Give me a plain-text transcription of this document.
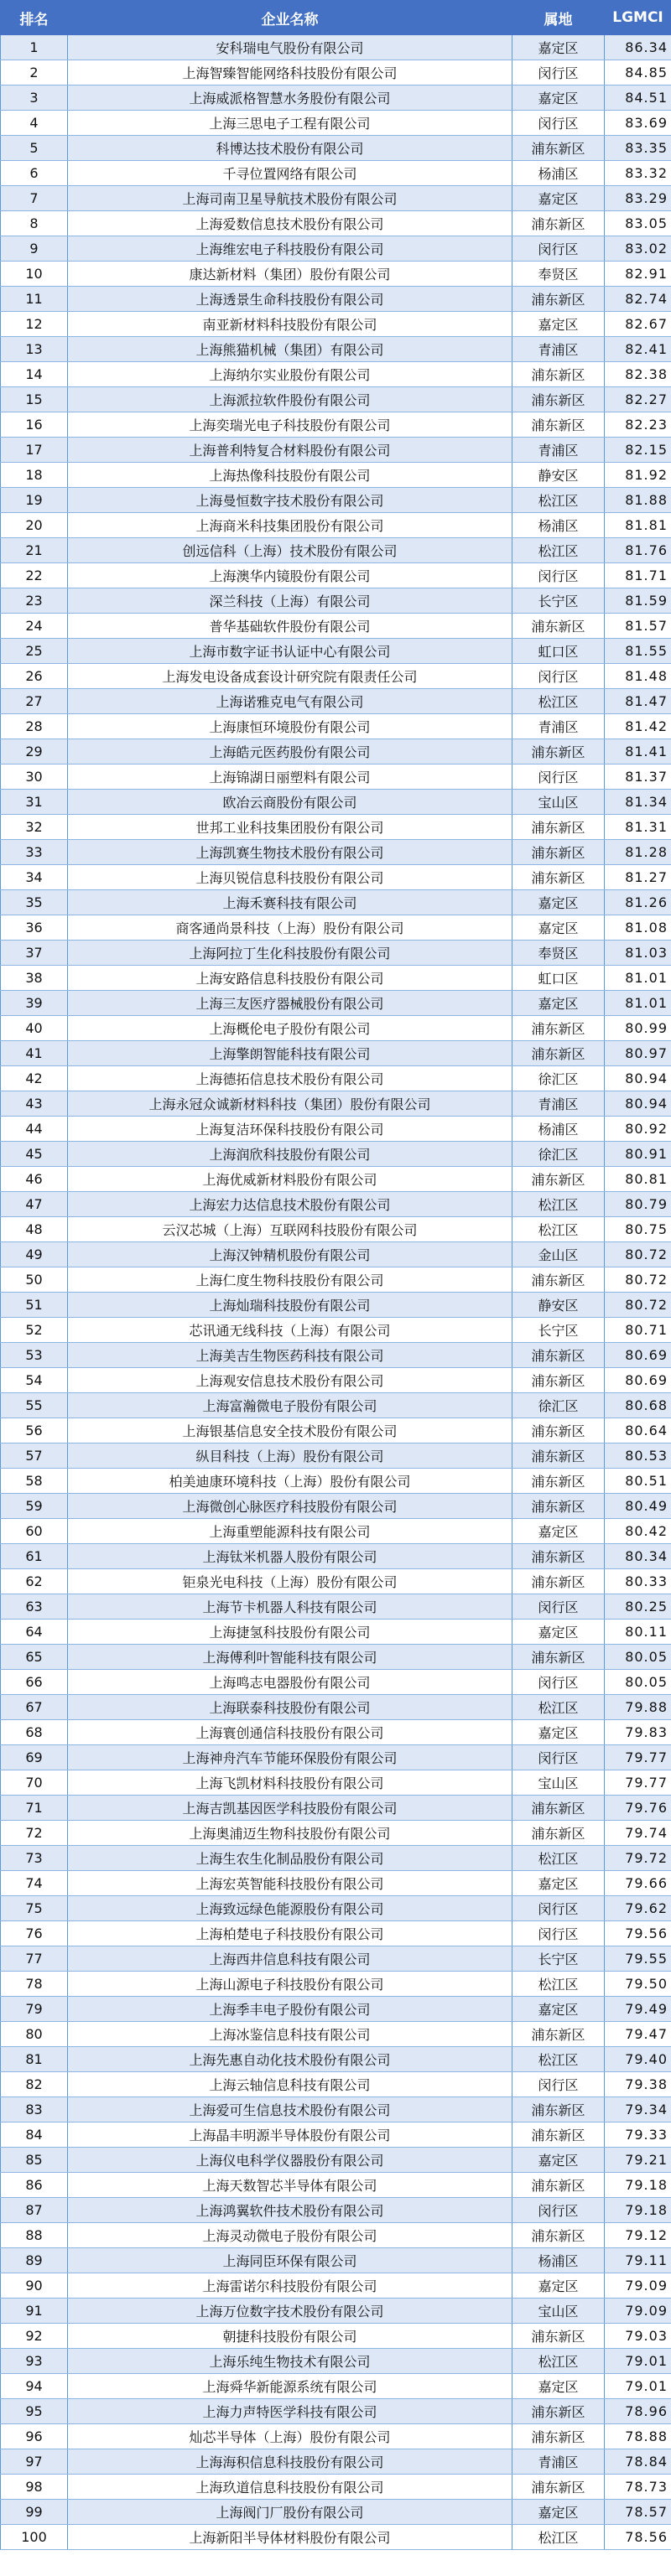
排名	企业名称	属地	LGMCI
1	安科瑞电气股份有限公司	嘉定区	86.34
2	上海智臻智能网络科技股份有限公司	闵行区	84.85
3	上海威派格智慧水务股份有限公司	嘉定区	84.51
4	上海三思电子工程有限公司	闵行区	83.69
5	科博达技术股份有限公司	浦东新区	83.35
6	千寻位置网络有限公司	杨浦区	83.32
7	上海司南卫星导航技术股份有限公司	嘉定区	83.29
8	上海爱数信息技术股份有限公司	浦东新区	83.05
9	上海维宏电子科技股份有限公司	闵行区	83.02
10	康达新材料（集团）股份有限公司	奉贤区	82.91
11	上海透景生命科技股份有限公司	浦东新区	82.74
12	南亚新材料科技股份有限公司	嘉定区	82.67
13	上海熊猫机械（集团）有限公司	青浦区	82.41
14	上海纳尔实业股份有限公司	浦东新区	82.38
15	上海派拉软件股份有限公司	浦东新区	82.27
16	上海奕瑞光电子科技股份有限公司	浦东新区	82.23
17	上海普利特复合材料股份有限公司	青浦区	82.15
18	上海热像科技股份有限公司	静安区	81.92
19	上海曼恒数字技术股份有限公司	松江区	81.88
20	上海商米科技集团股份有限公司	杨浦区	81.81
21	创远信科（上海）技术股份有限公司	松江区	81.76
22	上海澳华内镜股份有限公司	闵行区	81.71
23	深兰科技（上海）有限公司	长宁区	81.59
24	普华基础软件股份有限公司	浦东新区	81.57
25	上海市数字证书认证中心有限公司	虹口区	81.55
26	上海发电设备成套设计研究院有限责任公司	闵行区	81.48
27	上海诺雅克电气有限公司	松江区	81.47
28	上海康恒环境股份有限公司	青浦区	81.42
29	上海皓元医药股份有限公司	浦东新区	81.41
30	上海锦湖日丽塑料有限公司	闵行区	81.37
31	欧冶云商股份有限公司	宝山区	81.34
32	世邦工业科技集团股份有限公司	浦东新区	81.31
33	上海凯赛生物技术股份有限公司	浦东新区	81.28
34	上海贝锐信息科技股份有限公司	浦东新区	81.27
35	上海禾赛科技有限公司	嘉定区	81.26
36	商客通尚景科技（上海）股份有限公司	嘉定区	81.08
37	上海阿拉丁生化科技股份有限公司	奉贤区	81.03
38	上海安路信息科技股份有限公司	虹口区	81.01
39	上海三友医疗器械股份有限公司	嘉定区	81.01
40	上海概伦电子股份有限公司	浦东新区	80.99
41	上海擎朗智能科技有限公司	浦东新区	80.97
42	上海德拓信息技术股份有限公司	徐汇区	80.94
43	上海永冠众诚新材料科技（集团）股份有限公司	青浦区	80.94
44	上海复洁环保科技股份有限公司	杨浦区	80.92
45	上海润欣科技股份有限公司	徐汇区	80.91
46	上海优威新材料股份有限公司	浦东新区	80.81
47	上海宏力达信息技术股份有限公司	松江区	80.79
48	云汉芯城（上海）互联网科技股份有限公司	松江区	80.75
49	上海汉钟精机股份有限公司	金山区	80.72
50	上海仁度生物科技股份有限公司	浦东新区	80.72
51	上海灿瑞科技股份有限公司	静安区	80.72
52	芯讯通无线科技（上海）有限公司	长宁区	80.71
53	上海美吉生物医药科技有限公司	浦东新区	80.69
54	上海观安信息技术股份有限公司	浦东新区	80.69
55	上海富瀚微电子股份有限公司	徐汇区	80.68
56	上海银基信息安全技术股份有限公司	浦东新区	80.64
57	纵目科技（上海）股份有限公司	浦东新区	80.53
58	柏美迪康环境科技（上海）股份有限公司	浦东新区	80.51
59	上海微创心脉医疗科技股份有限公司	浦东新区	80.49
60	上海重塑能源科技有限公司	嘉定区	80.42
61	上海钛米机器人股份有限公司	浦东新区	80.34
62	钜泉光电科技（上海）股份有限公司	浦东新区	80.33
63	上海节卡机器人科技有限公司	闵行区	80.25
64	上海捷氢科技股份有限公司	嘉定区	80.11
65	上海傅利叶智能科技有限公司	浦东新区	80.05
66	上海鸣志电器股份有限公司	闵行区	80.05
67	上海联泰科技股份有限公司	松江区	79.88
68	上海寰创通信科技股份有限公司	嘉定区	79.83
69	上海神舟汽车节能环保股份有限公司	闵行区	79.77
70	上海飞凯材料科技股份有限公司	宝山区	79.77
71	上海吉凯基因医学科技股份有限公司	浦东新区	79.76
72	上海奥浦迈生物科技股份有限公司	浦东新区	79.74
73	上海生农生化制品股份有限公司	松江区	79.72
74	上海宏英智能科技股份有限公司	嘉定区	79.66
75	上海致远绿色能源股份有限公司	闵行区	79.62
76	上海柏楚电子科技股份有限公司	闵行区	79.56
77	上海西井信息科技有限公司	长宁区	79.55
78	上海山源电子科技股份有限公司	松江区	79.50
79	上海季丰电子股份有限公司	嘉定区	79.49
80	上海冰鉴信息科技有限公司	浦东新区	79.47
81	上海先惠自动化技术股份有限公司	松江区	79.40
82	上海云轴信息科技有限公司	闵行区	79.38
83	上海爱可生信息技术股份有限公司	浦东新区	79.34
84	上海晶丰明源半导体股份有限公司	浦东新区	79.33
85	上海仪电科学仪器股份有限公司	嘉定区	79.21
86	上海天数智芯半导体有限公司	浦东新区	79.18
87	上海鸿翼软件技术股份有限公司	闵行区	79.18
88	上海灵动微电子股份有限公司	浦东新区	79.12
89	上海同臣环保有限公司	杨浦区	79.11
90	上海雷诺尔科技股份有限公司	嘉定区	79.09
91	上海万位数字技术股份有限公司	宝山区	79.09
92	朝捷科技股份有限公司	浦东新区	79.03
93	上海乐纯生物技术有限公司	松江区	79.01
94	上海舜华新能源系统有限公司	嘉定区	79.01
95	上海力声特医学科技有限公司	浦东新区	78.96
96	灿芯半导体（上海）股份有限公司	浦东新区	78.88
97	上海海积信息科技股份有限公司	青浦区	78.84
98	上海玖道信息科技股份有限公司	浦东新区	78.73
99	上海阀门厂股份有限公司	嘉定区	78.57
100	上海新阳半导体材料股份有限公司	松江区	78.56
